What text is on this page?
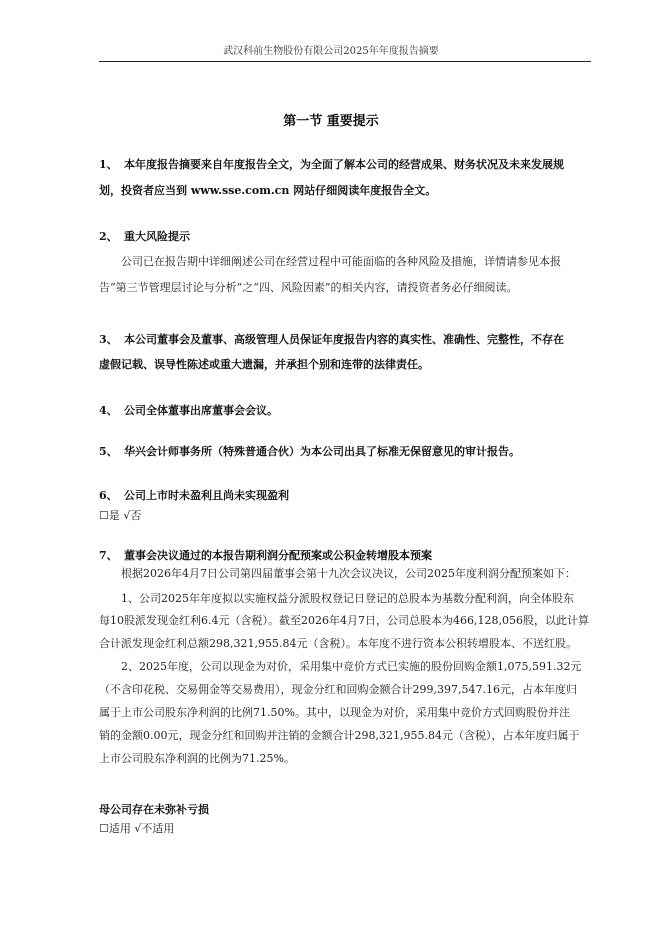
武汉科前生物股份有限公司2025年年度报告摘要
第一节 重要提示
1、 本年度报告摘要来自年度报告全文，为全面了解本公司的经营成果、财务状况及未来发展规
划，投资者应当到 www.sse.com.cn 网站仔细阅读年度报告全文。
2、 重大风险提示
公司已在报告期中详细阐述公司在经营过程中可能面临的各种风险及措施，详情请参见本报
告“第三节管理层讨论与分析”之“四、风险因素”的相关内容，请投资者务必仔细阅读。
3、 本公司董事会及董事、高级管理人员保证年度报告内容的真实性、准确性、完整性，不存在
虚假记载、误导性陈述或重大遗漏，并承担个别和连带的法律责任。
4、 公司全体董事出席董事会会议。
5、 华兴会计师事务所（特殊普通合伙）为本公司出具了标准无保留意见的审计报告。
6、 公司上市时未盈利且尚未实现盈利
☐是 √否
7、 董事会决议通过的本报告期利润分配预案或公积金转增股本预案
根据2026年4月7日公司第四届董事会第十九次会议决议，公司2025年度利润分配预案如下：
1、公司2025年年度拟以实施权益分派股权登记日登记的总股本为基数分配利润，向全体股东
每10股派发现金红利6.4元（含税）。截至2026年4月7日，公司总股本为466,128,056股，以此计算
合计派发现金红利总额298,321,955.84元（含税）。本年度不进行资本公积转增股本、不送红股。
2、2025年度，公司以现金为对价，采用集中竞价方式已实施的股份回购金额1,075,591.32元
（不含印花税、交易佣金等交易费用），现金分红和回购金额合计299,397,547.16元，占本年度归
属于上市公司股东净利润的比例71.50%。其中，以现金为对价，采用集中竞价方式回购股份并注
销的金额0.00元，现金分红和回购并注销的金额合计298,321,955.84元（含税），占本年度归属于
上市公司股东净利润的比例为71.25%。
母公司存在未弥补亏损
☐适用 √不适用
